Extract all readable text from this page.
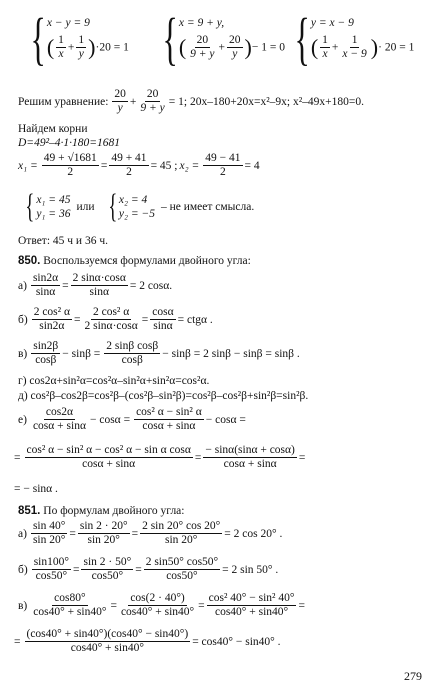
{ x − y = 9
( $\frac{1}{x} + \frac{1}{y} )\cdot 20 = 1$ { x = 9 + y,
( $\frac{20}{9 + y} + \frac{20}{y}$ )− 1 = 0 { y = x − 9
( $\frac{1}{x} + \frac{1}{x - 9}$ )· 20 = 1
Решим уравнение: $\frac{20}{y} + \frac{20}{9 + y} = 1$; 20x–180+20x=x²–9x; x²–49x+180=0.
Найдем корни
D=49²–4·1·180=1681
$x_1 = \frac{49 + √1681}{2} = \frac{49 + 41}{2} = 45$ ; $x_2 = \frac{49 - 41}{2} = 4$
{ x₁ = 45
y₁ = 36
или { x₂ = 4
y₂ = −5
– не имеет смысла.
Ответ: 45 ч и 36 ч.
850. Воспользуемся формулами двойного угла:
$а) \frac{\sin 2\alpha}{\sin\alpha} = \frac{2 \sin\alpha\cdot\cos\alpha}{\sin\alpha} = 2$ cosα.
$б) \frac{\text{2 cos² α}}{\sin 2\alpha} = \frac{\text{2 cos² α}}{2 \sin\alpha\cdot\cos\alpha} = \frac{\cos\alpha}{\sin\alpha} = ctg\alpha$ .
$в) \frac{\sin 2\beta}{\cos\beta} - \sin\beta = \frac{\text{2 sinβ cosβ}}{\cos\beta} - \sin\beta = 2$ sinβ − sinβ = sinβ .
г) cos2α+sin²α=cos²α–sin²α+sin²α=cos²α.
д) cos²β–cos2β=cos²β–(cos²β–sin²β)=cos²β–cos²β+sin²β=sin²β.
$е) \frac{\cos 2\alpha}{\cos\alpha + \sin\alpha} - \cos\alpha = \frac{\text{cos² α − sin² α}}{\cos\alpha + \sin\alpha} - \cos\alpha$ =
= $\frac{\text{cos² α − sin² α − cos² α − sin α cosα}}{\cos\alpha + \sin\alpha} = \frac{- \sin\alpha(\sin\alpha + \cos\alpha)}{\cos\alpha + \sin\alpha}$ =
= − sinα .
851. По формулам двойного угла:
$а) \frac{\sin 40^\circ}{\sin 20^\circ} = \frac{\sin 2 \cdot 20^\circ}{\sin 20^\circ} = \frac{2 \sin 20^\circ \cos 20^\circ}{\sin 20^\circ} = 2$ cos 20° .
$б) \frac{\sin 100^\circ}{\cos 50^\circ} = \frac{\sin 2 \cdot 50^\circ}{\cos 50^\circ} = \frac{2 \sin 50^\circ \cos 50^\circ}{\cos 50^\circ} = 2$ sin 50° .
$в) \frac{\cos 80^\circ}{\cos 40^\circ + \sin 40^\circ} = \frac{\cos(2 \cdot 40^\circ)}{\cos 40^\circ + \sin 40^\circ} = \frac{\text{cos² 40° − sin² 40°}}{\cos 40^\circ + \sin 40^\circ}$ =
= $\frac{(\cos 40^\circ + \sin 40^\circ)(\cos 40^\circ - \sin 40^\circ)}{\cos 40^\circ + \sin 40^\circ} = \cos 40^\circ - \sin 40^\circ$ .
279
